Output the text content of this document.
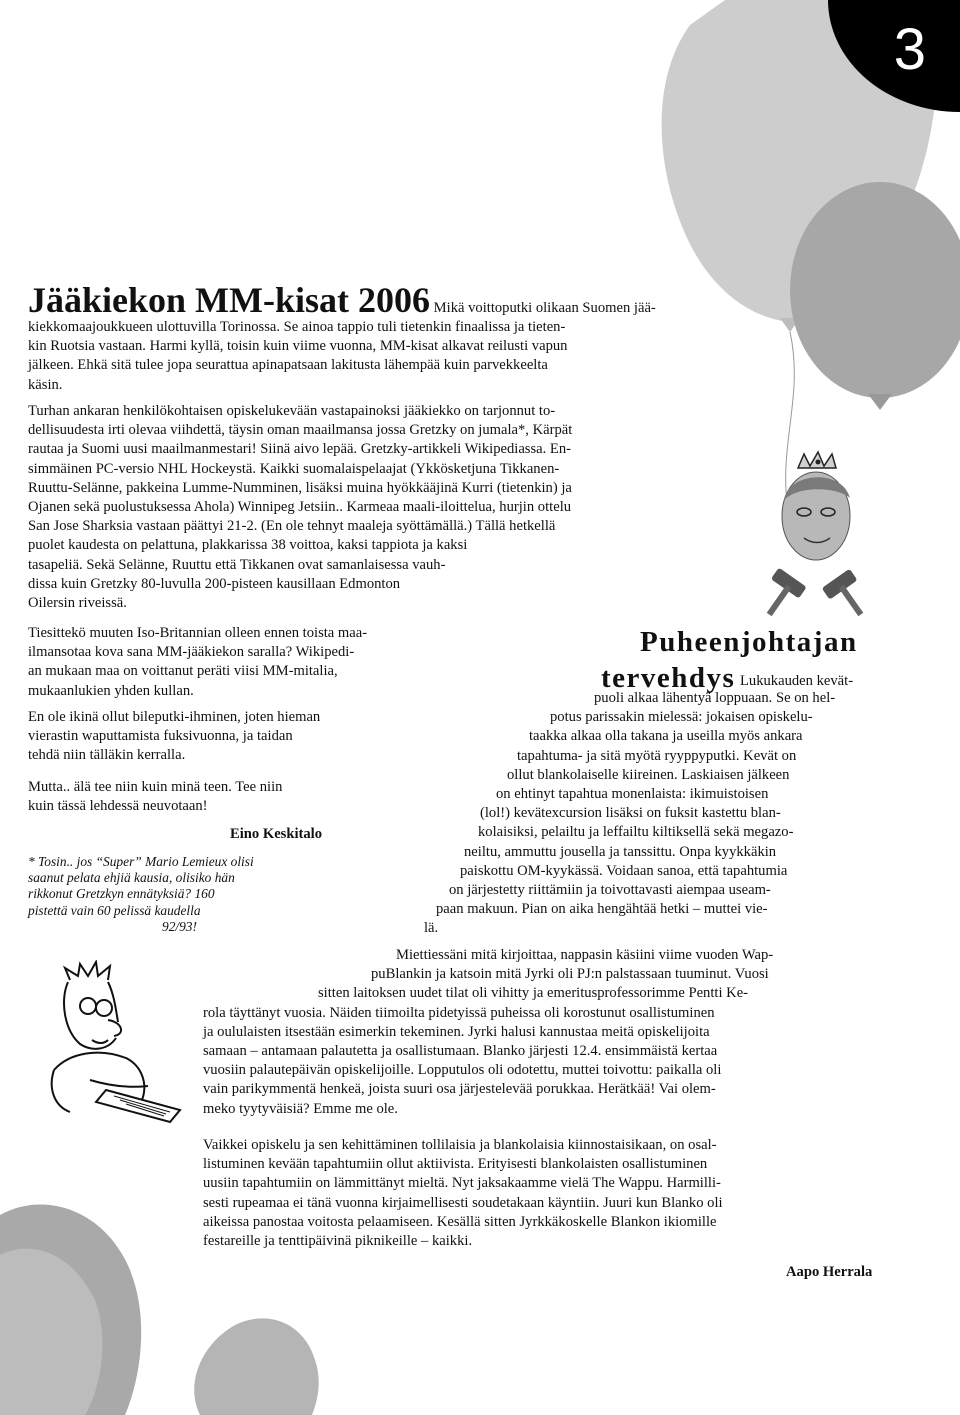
3
Jääkiekon MM-kisat 2006 Mikä voittoputki olikaan Suomen jää-
kiekkomaajoukkueen ulottuvilla Torinossa. Se ainoa tappio tuli tietenkin finaalissa ja tieten-
kin Ruotsia vastaan. Harmi kyllä, toisin kuin viime vuonna, MM-kisat alkavat reilusti vapun
jälkeen. Ehkä sitä tulee jopa seurattua apinapatsaan lakitusta lähempää kuin parvekkeelta
käsin.
Turhan ankaran henkilökohtaisen opiskelukevään vastapainoksi jääkiekko on tarjonnut to-
dellisuudesta irti olevaa viihdettä, täysin oman maailmansa jossa Gretzky on jumala*, Kärpät
rautaa ja Suomi uusi maailmanmestari! Siinä aivo lepää. Gretzky-artikkeli Wikipediassa. En-
simmäinen PC-versio NHL Hockeystä. Kaikki suomalaispelaajat (Ykkösketjuna Tikkanen-
Ruuttu-Selänne, pakkeina Lumme-Numminen, lisäksi muina hyökkääjinä Kurri (tietenkin) ja
Ojanen sekä puolustuksessa Ahola) Winnipeg Jetsiin.. Karmeaa maali-iloittelua, hurjin ottelu
San Jose Sharksia vastaan päättyi 21-2. (En ole tehnyt maaleja syöttämällä.) Tällä hetkellä
puolet kaudesta on pelattuna, plakkarissa 38 voittoa, kaksi tappiota ja kaksi
tasapeliä. Sekä Selänne, Ruuttu että Tikkanen ovat samanlaisessa vauh-
dissa kuin Gretzky 80-luvulla 200-pisteen kausillaan Edmonton
Oilersin riveissä.
Tiesittekö muuten Iso-Britannian olleen ennen toista maa-
ilmansotaa kova sana MM-jääkiekon saralla? Wikipedi-
an mukaan maa on voittanut peräti viisi MM-mitalia,
mukaanlukien yhden kullan.
En ole ikinä ollut bileputki-ihminen, joten hieman
vierastin waputtamista fuksivuonna, ja taidan
tehdä niin tälläkin kerralla.
Mutta.. älä tee niin kuin minä teen. Tee niin
kuin tässä lehdessä neuvotaan!
Eino Keskitalo
* Tosin.. jos “Super” Mario Lemieux olisi
saanut pelata ehjiä kausia, olisiko hän
rikkonut Gretzkyn ennätyksiä? 160
pistettä vain 60 pelissä kaudella
92/93!
Puheenjohtajan
tervehdys Lukukauden kevät-
puoli alkaa lähentyä loppuaan. Se on hel-
potus parissakin mielessä: jokaisen opiskelu-
taakka alkaa olla takana ja useilla myös ankara
tapahtuma- ja sitä myötä ryyppyputki. Kevät on
ollut blankolaiselle kiireinen. Laskiaisen jälkeen
on ehtinyt tapahtua monenlaista: ikimuistoisen
(lol!) kevätexcursion lisäksi on fuksit kastettu blan-
kolaisiksi, pelailtu ja leffailtu kiltiksellä sekä megazo-
neiltu, ammuttu jousella ja tanssittu. Onpa kyykkäkin
paiskottu OM-kyykässä. Voidaan sanoa, että tapahtumia
on järjestetty riittämiin ja toivottavasti aiempaa useam-
paan makuun. Pian on aika hengähtää hetki – muttei vie-
lä.
Miettiessäni mitä kirjoittaa, nappasin käsiini viime vuoden Wap-
puBlankin ja katsoin mitä Jyrki oli PJ:n palstassaan tuuminut. Vuosi
sitten laitoksen uudet tilat oli vihitty ja emeritusprofessorimme Pentti Ke-
rola täyttänyt vuosia. Näiden tiimoilta pidetyissä puheissa oli korostunut osallistuminen
ja oululaisten itsestään esimerkin tekeminen. Jyrki halusi kannustaa meitä opiskelijoita
samaan – antamaan palautetta ja osallistumaan. Blanko järjesti 12.4. ensimmäistä kertaa
vuosiin palautepäivän opiskelijoille. Lopputulos oli odotettu, muttei toivottu: paikalla oli
vain parikymmentä henkeä, joista suuri osa järjestelevää porukkaa. Herätkää! Vai olem-
meko tyytyväisiä? Emme me ole.
Vaikkei opiskelu ja sen kehittäminen tollilaisia ja blankolaisia kiinnostaisikaan, on osal-
listuminen kevään tapahtumiin ollut aktiivista. Erityisesti blankolaisten osallistuminen
uusiin tapahtumiin on lämmittänyt mieltä. Nyt jaksakaamme vielä The Wappu. Harmilli-
sesti rupeamaa ei tänä vuonna kirjaimellisesti soudetakaan käyntiin. Juuri kun Blanko oli
aikeissa panostaa voitosta pelaamiseen. Kesällä sitten Jyrkkäkoskelle Blankon ikiomille
festareille ja tenttipäivinä piknikeille – kaikki.
Aapo Herrala
